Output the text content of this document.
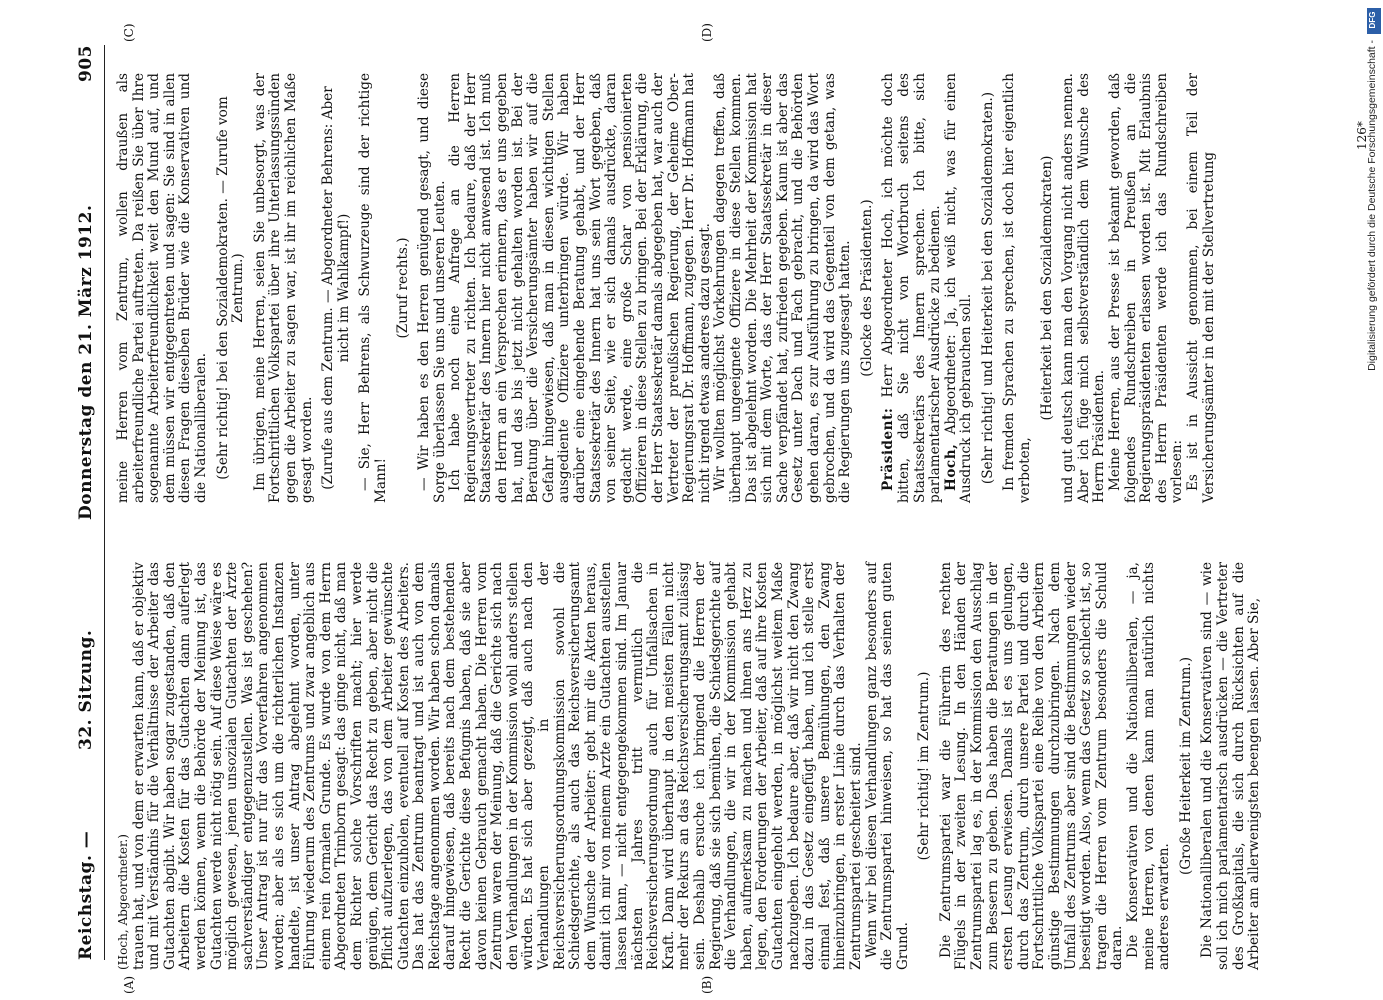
Reichstag. —
32. Sitzung.
Donnerstag den 21. März 1912.
905
(A)	(B)
(C)	(D)

(Hoch, Abgeordneter.) trauen hat, und von dem er erwarten kann, daß er objektiv und mit Verständnis für die Verhältnisse der Arbeiter das Gutachten abgibt. Wir haben sogar zugestanden, daß den Arbeitern die Kosten für das Gutachten dann auferlegt werden können, wenn die Behörde der Meinung ist, das Gutachten werde nicht nötig sein. Auf diese Weise wäre es möglich gewesen, jenen unsozialen Gutachten der Ärzte sachverständiger entgegenzustellen. Was ist geschehen? Unser Antrag ist nur für das Vorverfahren angenommen worden; aber als es sich um die richterlichen Instanzen handelte, ist unser Antrag abgelehnt worden, unter Führung wiederum des Zentrums und zwar angeblich aus einem rein formalen Grunde. Es wurde von dem Herrn Abgeordneten Trimborn gesagt: das ginge nicht, daß man dem Richter solche Vorschriften macht; hier werde genügen, dem Gericht das Recht zu geben, aber nicht die Pflicht aufzuerlegen, das von dem Arbeiter gewünschte Gutachten einzuholen, eventuell auf Kosten des Arbeiters. Das hat das Zentrum beantragt und ist auch von dem Reichstage angenommen worden. Wir haben schon damals darauf hingewiesen, daß bereits nach dem bestehenden Recht die Gerichte diese Befugnis haben, daß sie aber davon keinen Gebrauch gemacht haben. Die Herren vom Zentrum waren der Meinung, daß die Gerichte sich nach den Verhandlungen in der Kommission wohl anders stellen würden. Es hat sich aber gezeigt, daß auch nach den Verhandlungen in der Reichsversicherungsordnungskommission sowohl die Schiedsgerichte, als auch das Reichsversicherungsamt dem Wunsche der Arbeiter: gebt mir die Akten heraus, damit ich mir von meinem Arzte ein Gutachten ausstellen lassen kann, — nicht entgegengekommen sind. Im Januar nächsten Jahres tritt vermutlich die Reichsversicherungsordnung auch für Unfallsachen in Kraft. Dann wird überhaupt in den meisten Fällen nicht mehr der Rekurs an das Reichsversicherungsamt zulässig sein. Deshalb ersuche ich bringend die Herren der Regierung, daß sie sich bemühen, die Schiedsgerichte auf die Verhandlungen, die wir in der Kommission gehabt haben, aufmerksam zu machen und ihnen ans Herz zu legen, den Forderungen der Arbeiter, daß auf ihre Kosten Gutachten eingeholt werden, in möglichst weitem Maße nachzugeben. Ich bedaure aber, daß wir nicht den Zwang dazu in das Gesetz eingefügt haben, und ich stelle erst einmal fest, daß unsere Bemühungen, den Zwang hineinzubringen, in erster Linie durch das Verhalten der Zentrumspartei gescheitert sind. Wenn wir bei diesen Verhandlungen ganz besonders auf die Zentrumspartei hinweisen, so hat das seinen guten Grund.

(Sehr richtig! im Zentrum.) Die Zentrumspartei war die Führerin des rechten Flügels in der zweiten Lesung. In den Händen der Zentrumspartei lag es, in der Kommission den Ausschlag zum Bessern zu geben. Das haben die Beratungen in der ersten Lesung erwiesen. Damals ist es uns gelungen, durch das Zentrum, durch unsere Partei und durch die Fortschrittliche Volkspartei eine Reihe von den Arbeitern günstige Bestimmungen durchzubringen. Nach dem Umfall des Zentrums aber sind die Bestimmungen wieder beseitigt worden. Also, wenn das Gesetz so schlecht ist, so tragen die Herren vom Zentrum besonders die Schuld daran. Die Konservativen und die Nationalliberalen, — ja, meine Herren, von denen kann man natürlich nichts anderes erwarten.

(Große Heiterkeit im Zentrum.) Die Nationalliberalen und die Konservativen sind — wie soll ich mich parlamentarisch ausdrücken — die Vertreter des Großkapitals, die sich durch Rücksichten auf die Arbeiter am allerwenigsten beengen lassen. Aber Sie,

meine Herren vom Zentrum, wollen draußen als arbeiterfreundliche Partei auftreten. Da reißen Sie über Ihre sogenannte Arbeiterfreundlichkeit weit den Mund auf, und dem müssen wir entgegentreten und sagen: Sie sind in allen diesen Fragen dieselben Brüder wie die Konservativen und die Nationalliberalen. (Sehr richtig! bei den Sozialdemokraten. — Zurufe vom Zentrum.) Im übrigen, meine Herren, seien Sie unbesorgt, was der Fortschrittlichen Volkspartei über ihre Unterlassungssünden gegen die Arbeiter zu sagen war, ist ihr im reichlichen Maße gesagt worden. (Zurufe aus dem Zentrum. — Abgeordneter Behrens: Aber nicht im Wahlkampf!) — Sie, Herr Behrens, als Schwurzeuge sind der richtige Mann!

(Zuruf rechts.) — Wir haben es den Herren genügend gesagt, und diese Sorge überlassen Sie uns und unseren Leuten. Ich habe noch eine Anfrage an die Herren Regierungsvertreter zu richten. Ich bedaure, daß der Herr Staatssekretär des Innern hier nicht anwesend ist. Ich muß den Herrn an ein Versprechen erinnern, das er uns gegeben hat, und das bis jetzt nicht gehalten worden ist. Bei der Beratung über die Versicherungsämter haben wir auf die Gefahr hingewiesen, daß man in diesen wichtigen Stellen ausgediente Offiziere unterbringen würde. Wir haben darüber eine eingehende Beratung gehabt, und der Herr Staatssekretär des Innern hat uns sein Wort gegeben, daß von seiner Seite, wie er sich damals ausdrückte, daran gedacht werde, eine große Schar von pensionierten Offizieren in diese Stellen zu bringen. Bei der Erklärung, die der Herr Staatssekretär damals abgegeben hat, war auch der Vertreter der preußischen Regierung, der Geheime Ober-Regierungsrat Dr. Hoffmann, zugegen. Herr Dr. Hoffmann hat nicht irgend etwas anderes dazu gesagt. Wir wollten möglichst Vorkehrungen dagegen treffen, daß überhaupt ungeeignete Offiziere in diese Stellen kommen. Das ist abgelehnt worden. Die Mehrheit der Kommission hat sich mit dem Worte, das der Herr Staatssekretär in dieser Sache verpfändet hat, zufrieden gegeben. Kaum ist aber das Gesetz unter Dach und Fach gebracht, und die Behörden gehen daran, es zur Ausführung zu bringen, da wird das Wort gebrochen, und da wird das Gegenteil von dem getan, was die Regierungen uns zugesagt hatten. (Glocke des Präsidenten.)

Präsident: Herr Abgeordneter Hoch, ich möchte doch bitten, daß Sie nicht von Wortbruch seitens des Staatssekretärs des Innern sprechen. Ich bitte, sich parlamentarischer Ausdrücke zu bedienen. Hoch, Abgeordneter: Ja, ich weiß nicht, was für einen Ausdruck ich gebrauchen soll. (Sehr richtig! und Heiterkeit bei den Sozialdemokraten.) In fremden Sprachen zu sprechen, ist doch hier eigentlich verboten,

(Heiterkeit bei den Sozialdemokraten) und gut deutsch kann man den Vorgang nicht anders nennen. Aber ich füge mich selbstverständlich dem Wunsche des Herrn Präsidenten. Meine Herren, aus der Presse ist bekannt geworden, daß folgendes Rundschreiben in Preußen an die Regierungspräsidenten erlassen worden ist. Mit Erlaubnis des Herrn Präsidenten werde ich das Rundschreiben vorlesen: Es ist in Aussicht genommen, bei einem Teil der Versicherungsämter in den mit der Stellvertretung

126*
DFG
Digitalisierung gefördert durch die Deutsche Forschungsgemeinschaft -
